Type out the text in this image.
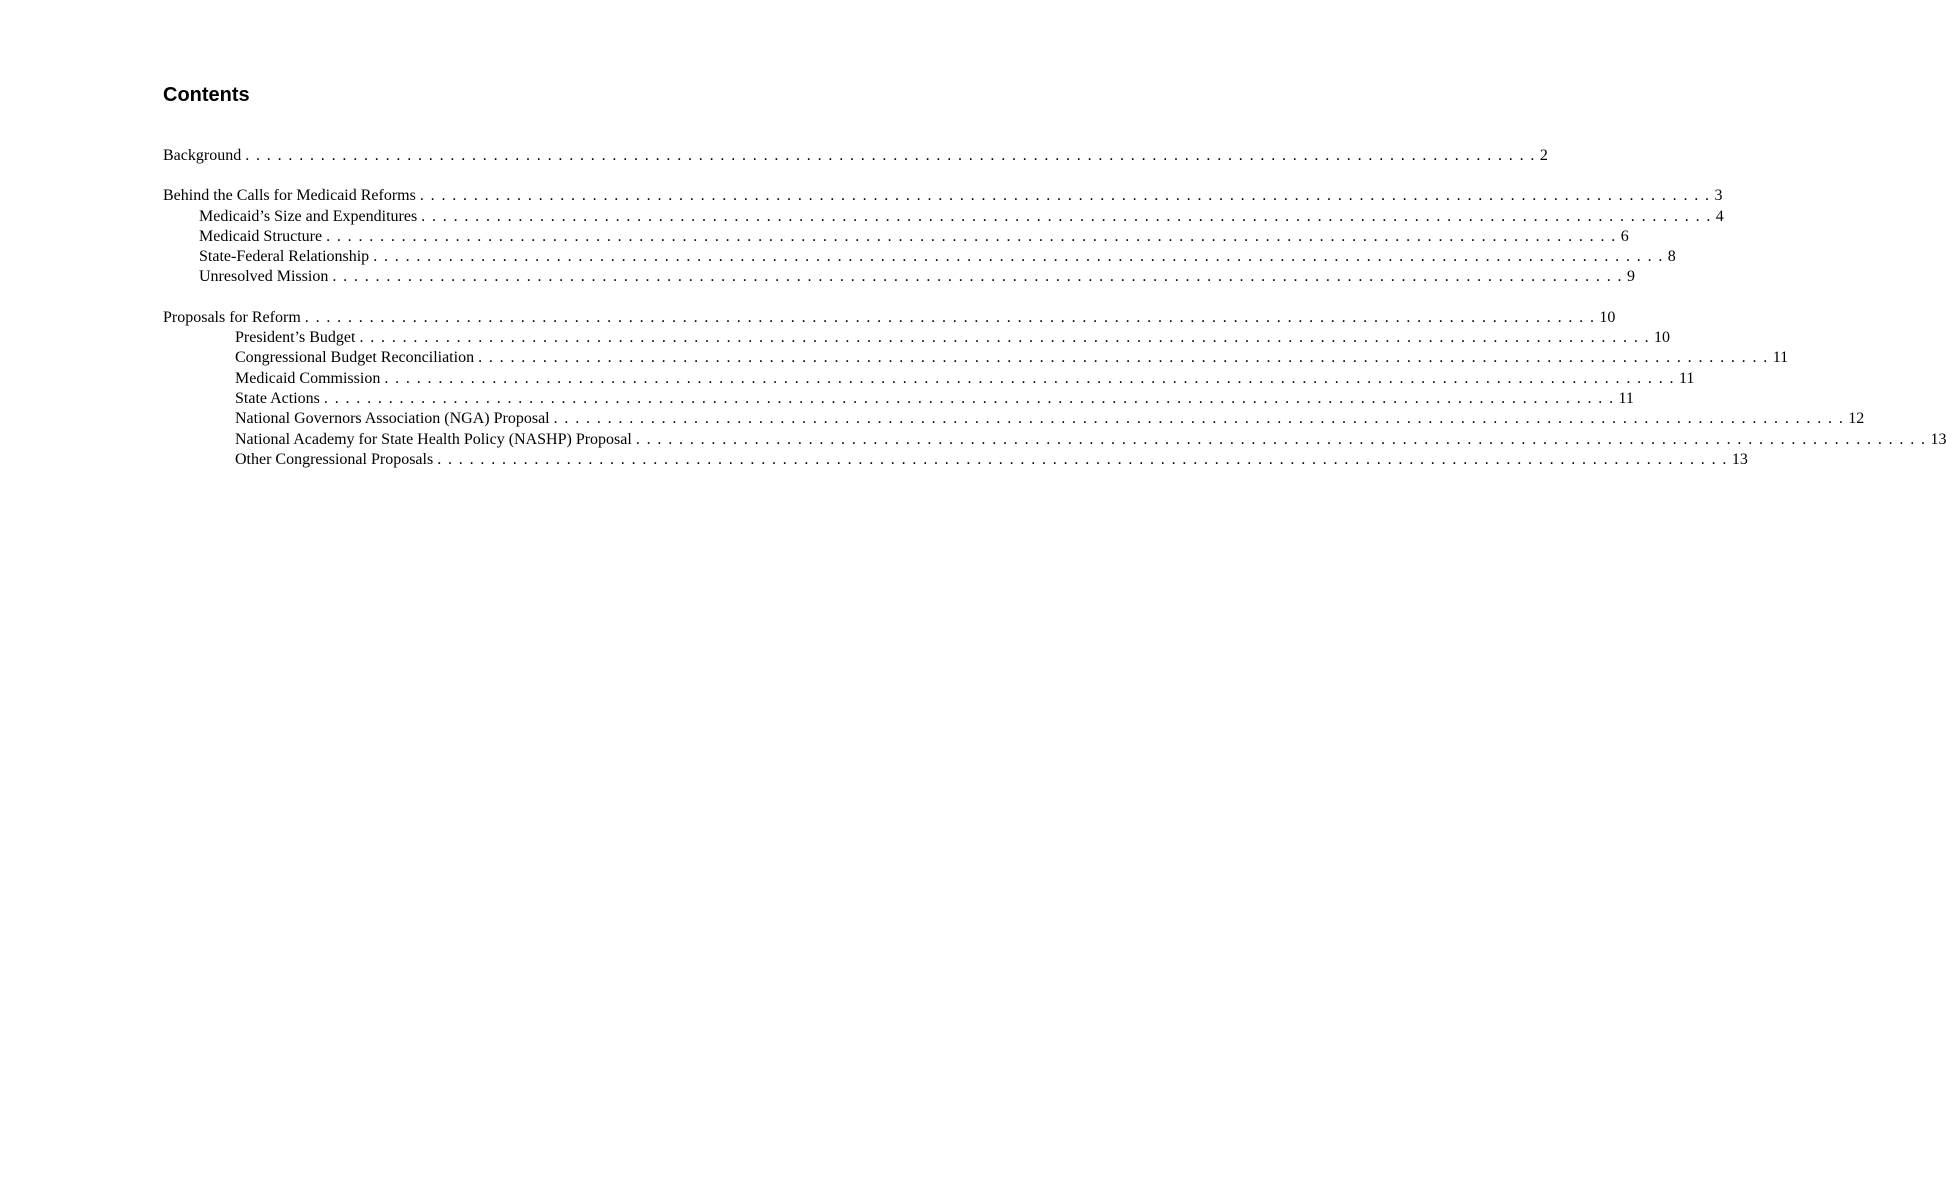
Contents
Background . . . . . . . . . . . . . . . . . . . . . . . . . . . . . . . . . . . . . . . . . . . . . . . . . . . . . . . . . . . . . . . . . . . . . . . . . . . . . . . . . . . . . . . . . . . . . . . . . . . . . . . . . . . . . . . . . . . . . . . . 2
Behind the Calls for Medicaid Reforms . . . . . . . . . . . . . . . . . . . . . . . . . . . . . . . . . . . . . . . . . . . . . . . . . . . . . . . . . . . . . . . . . . . . . . . . . . . . . . . . . . . . . . . . . . . . . . . . . . . . . . . . . . . . . . . . . . . . . . . . 3
Medicaid’s Size and Expenditures . . . . . . . . . . . . . . . . . . . . . . . . . . . . . . . . . . . . . . . . . . . . . . . . . . . . . . . . . . . . . . . . . . . . . . . . . . . . . . . . . . . . . . . . . . . . . . . . . . . . . . . . . . . . . . . . . . . . . . . . 4
Medicaid Structure . . . . . . . . . . . . . . . . . . . . . . . . . . . . . . . . . . . . . . . . . . . . . . . . . . . . . . . . . . . . . . . . . . . . . . . . . . . . . . . . . . . . . . . . . . . . . . . . . . . . . . . . . . . . . . . . . . . . . . . . 6
State-Federal Relationship . . . . . . . . . . . . . . . . . . . . . . . . . . . . . . . . . . . . . . . . . . . . . . . . . . . . . . . . . . . . . . . . . . . . . . . . . . . . . . . . . . . . . . . . . . . . . . . . . . . . . . . . . . . . . . . . . . . . . . . . 8
Unresolved Mission . . . . . . . . . . . . . . . . . . . . . . . . . . . . . . . . . . . . . . . . . . . . . . . . . . . . . . . . . . . . . . . . . . . . . . . . . . . . . . . . . . . . . . . . . . . . . . . . . . . . . . . . . . . . . . . . . . . . . . . . 9
Proposals for Reform . . . . . . . . . . . . . . . . . . . . . . . . . . . . . . . . . . . . . . . . . . . . . . . . . . . . . . . . . . . . . . . . . . . . . . . . . . . . . . . . . . . . . . . . . . . . . . . . . . . . . . . . . . . . . . . . . . . . . . . . 10
President’s Budget . . . . . . . . . . . . . . . . . . . . . . . . . . . . . . . . . . . . . . . . . . . . . . . . . . . . . . . . . . . . . . . . . . . . . . . . . . . . . . . . . . . . . . . . . . . . . . . . . . . . . . . . . . . . . . . . . . . . . . . . 10
Congressional Budget Reconciliation . . . . . . . . . . . . . . . . . . . . . . . . . . . . . . . . . . . . . . . . . . . . . . . . . . . . . . . . . . . . . . . . . . . . . . . . . . . . . . . . . . . . . . . . . . . . . . . . . . . . . . . . . . . . . . . . . . . . . . . . 11
Medicaid Commission . . . . . . . . . . . . . . . . . . . . . . . . . . . . . . . . . . . . . . . . . . . . . . . . . . . . . . . . . . . . . . . . . . . . . . . . . . . . . . . . . . . . . . . . . . . . . . . . . . . . . . . . . . . . . . . . . . . . . . . . 11
State Actions . . . . . . . . . . . . . . . . . . . . . . . . . . . . . . . . . . . . . . . . . . . . . . . . . . . . . . . . . . . . . . . . . . . . . . . . . . . . . . . . . . . . . . . . . . . . . . . . . . . . . . . . . . . . . . . . . . . . . . . . 11
National Governors Association (NGA) Proposal . . . . . . . . . . . . . . . . . . . . . . . . . . . . . . . . . . . . . . . . . . . . . . . . . . . . . . . . . . . . . . . . . . . . . . . . . . . . . . . . . . . . . . . . . . . . . . . . . . . . . . . . . . . . . . . . . . . . . . . . 12
National Academy for State Health Policy (NASHP) Proposal . . . . . . . . . . . . . . . . . . . . . . . . . . . . . . . . . . . . . . . . . . . . . . . . . . . . . . . . . . . . . . . . . . . . . . . . . . . . . . . . . . . . . . . . . . . . . . . . . . . . . . . . . . . . . . . . . . . . . . . . 13
Other Congressional Proposals . . . . . . . . . . . . . . . . . . . . . . . . . . . . . . . . . . . . . . . . . . . . . . . . . . . . . . . . . . . . . . . . . . . . . . . . . . . . . . . . . . . . . . . . . . . . . . . . . . . . . . . . . . . . . . . . . . . . . . . . 13
